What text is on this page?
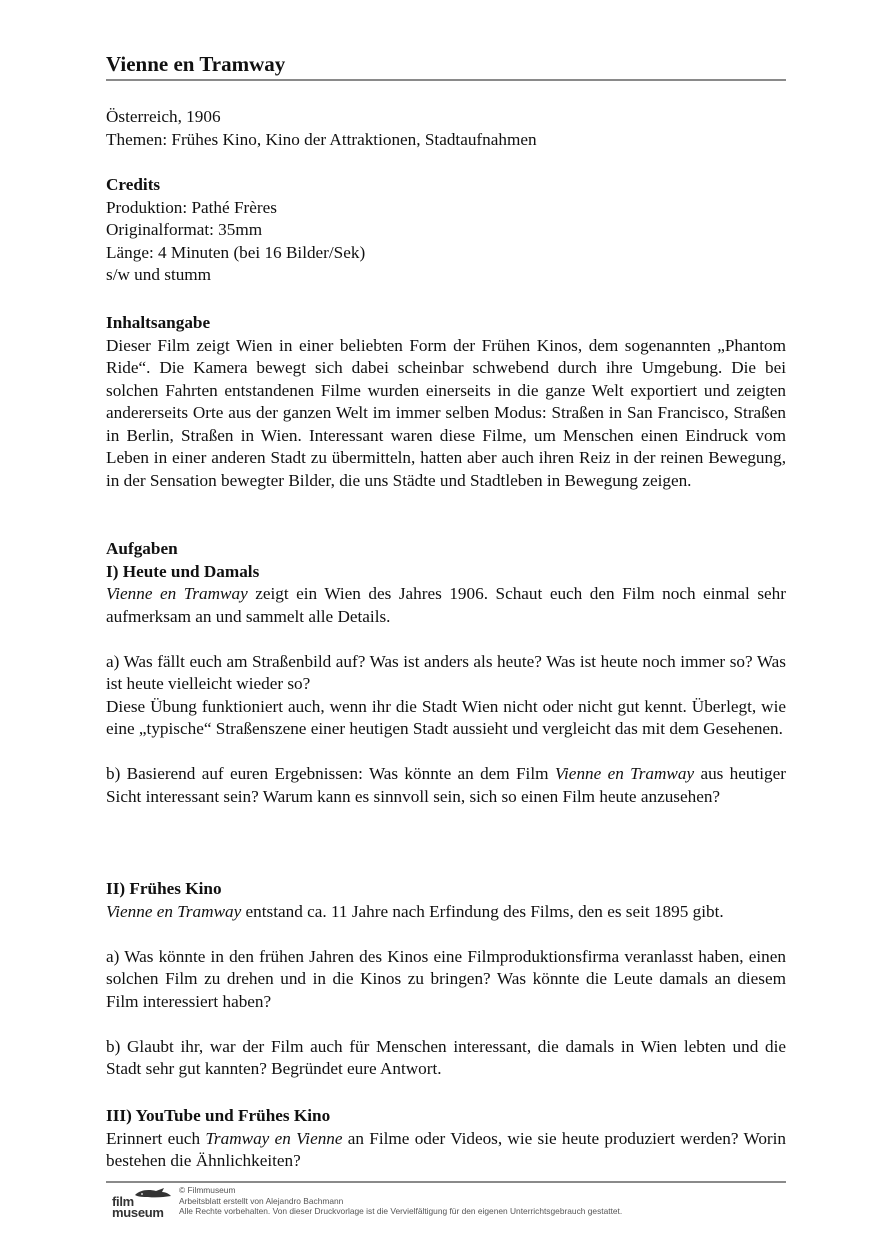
Vienne en Tramway

Österreich, 1906

Themen: Frühes Kino, Kino der Attraktionen, Stadtaufnahmen

Credits

Produktion: Pathé Frères

Originalformat: 35mm

Länge: 4 Minuten (bei 16 Bilder/Sek)

s/w und stumm

Inhaltsangabe

Dieser Film zeigt Wien in einer beliebten Form der Frühen Kinos, dem sogenannten „Phantom Ride“. Die Kamera bewegt sich dabei scheinbar schwebend durch ihre Umgebung. Die bei solchen Fahrten entstandenen Filme wurden einerseits in die ganze Welt exportiert und zeigten andererseits Orte aus der ganzen Welt im immer selben Modus: Straßen in San Francisco, Straßen in Berlin, Straßen in Wien. Interessant waren diese Filme, um Menschen einen Eindruck vom Leben in einer anderen Stadt zu übermitteln, hatten aber auch ihren Reiz in der reinen Bewegung, in der Sensation bewegter Bilder, die uns Städte und Stadtleben in Bewegung zeigen.

Aufgaben

I) Heute und Damals

Vienne en Tramway zeigt ein Wien des Jahres 1906. Schaut euch den Film noch einmal sehr aufmerksam an und sammelt alle Details.

a) Was fällt euch am Straßenbild auf? Was ist anders als heute? Was ist heute noch immer so? Was ist heute vielleicht wieder so?

Diese Übung funktioniert auch, wenn ihr die Stadt Wien nicht oder nicht gut kennt. Überlegt, wie eine „typische“ Straßenszene einer heutigen Stadt aussieht und vergleicht das mit dem Gesehenen.

b) Basierend auf euren Ergebnissen: Was könnte an dem Film Vienne en Tramway aus heutiger Sicht interessant sein? Warum kann es sinnvoll sein, sich so einen Film heute anzusehen?

II) Frühes Kino

Vienne en Tramway entstand ca. 11 Jahre nach Erfindung des Films, den es seit 1895 gibt.

a) Was könnte in den frühen Jahren des Kinos eine Filmproduktionsfirma veranlasst haben, einen solchen Film zu drehen und in die Kinos zu bringen? Was könnte die Leute damals an diesem Film interessiert haben?

b) Glaubt ihr, war der Film auch für Menschen interessant, die damals in Wien lebten und die Stadt sehr gut kannten? Begründet eure Antwort.

III) YouTube und Frühes Kino

Erinnert euch Tramway en Vienne an Filme oder Videos, wie sie heute produziert werden? Worin bestehen die Ähnlichkeiten?

film
museum

© Filmmuseum

Arbeitsblatt erstellt von Alejandro Bachmann

Alle Rechte vorbehalten. Von dieser Druckvorlage ist die Vervielfältigung für den eigenen Unterrichtsgebrauch gestattet.
